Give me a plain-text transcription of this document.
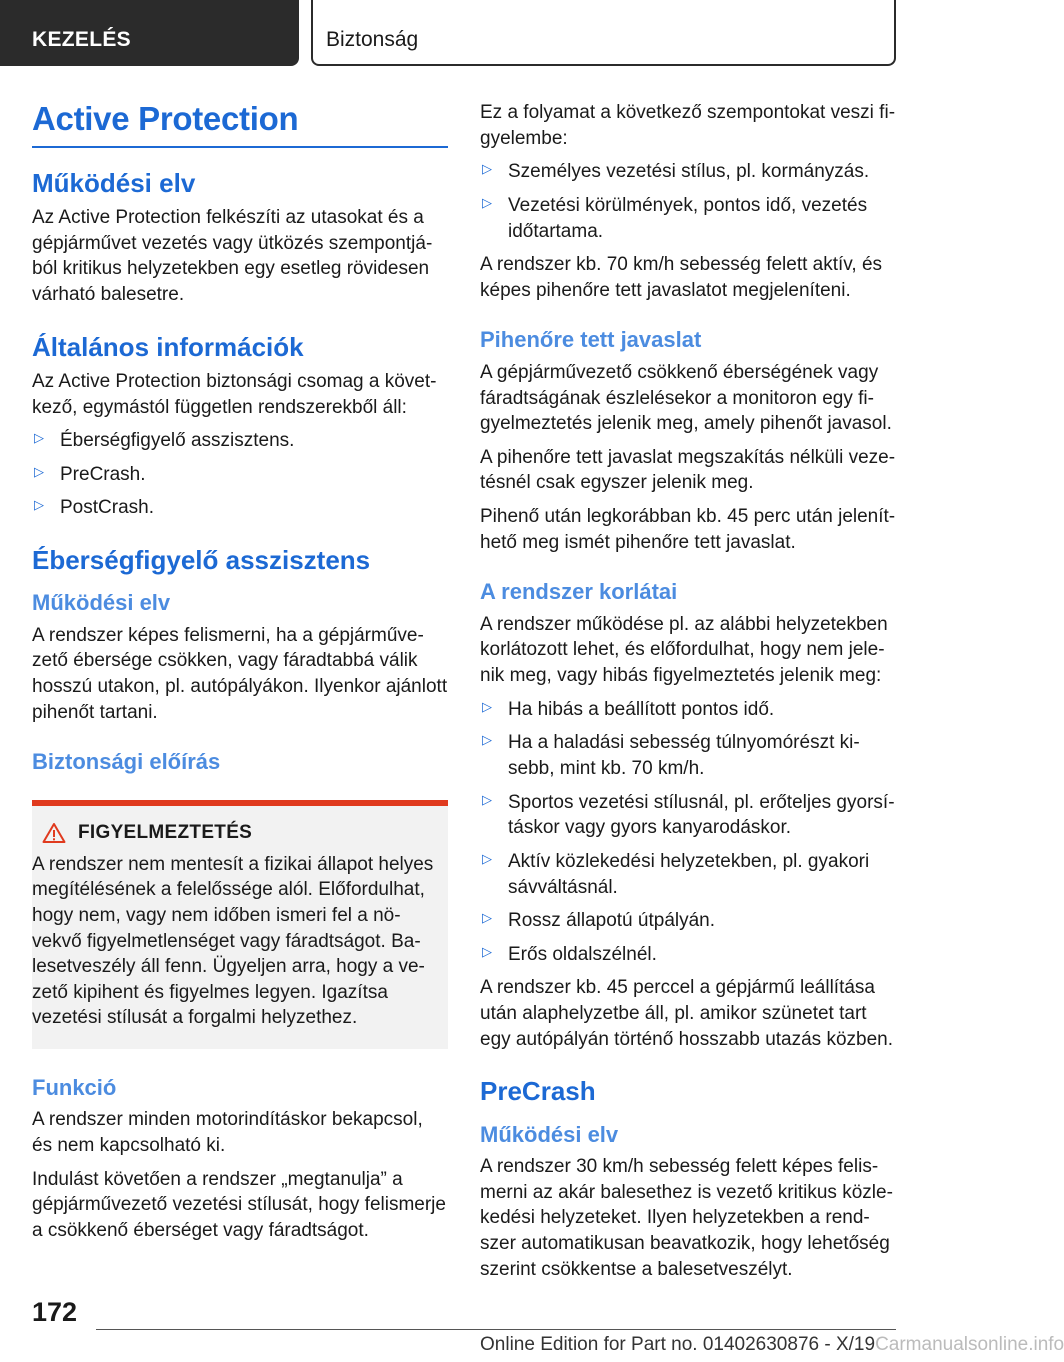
KEZELÉS	Biztonság
Active Protection
Működési elv
Az Active Protection felkészíti az utasokat és a gépjárművet vezetés vagy ütközés szempontjából kritikus helyzetekben egy esetleg rövidesen várható balesetre.
Általános információk
Az Active Protection biztonsági csomag a következő, egymástól független rendszerekből áll:
▷ Éberségfigyelő asszisztens.
▷ PreCrash.
▷ PostCrash.
Éberségfigyelő asszisztens
Működési elv
A rendszer képes felismerni, ha a gépjárművezető ébersége csökken, vagy fáradtabbá válik hosszú utakon, pl. autópályákon. Ilyenkor ajánlott pihenőt tartani.
Biztonsági előírás
FIGYELMEZTETÉS
A rendszer nem mentesít a fizikai állapot helyes megítélésének a felelőssége alól. Előfordulhat, hogy nem, vagy nem időben ismeri fel a növekvő figyelmetlenséget vagy fáradtságot. Balesetveszély áll fenn. Ügyeljen arra, hogy a vezető kipihent és figyelmes legyen. Igazítsa vezetési stílusát a forgalmi helyzethez.
Funkció
A rendszer minden motorindításkor bekapcsol, és nem kapcsolható ki.
Indulást követően a rendszer „megtanulja” a gépjárművezető vezetési stílusát, hogy felismerje a csökkenő éberséget vagy fáradtságot.
Ez a folyamat a következő szempontokat veszi figyelembe:
▷ Személyes vezetési stílus, pl. kormányzás.
▷ Vezetési körülmények, pontos idő, vezetés időtartama.
A rendszer kb. 70 km/h sebesség felett aktív, és képes pihenőre tett javaslatot megjeleníteni.
Pihenőre tett javaslat
A gépjárművezető csökkenő éberségének vagy fáradtságának észlelésekor a monitoron egy figyelmeztetés jelenik meg, amely pihenőt javasol.
A pihenőre tett javaslat megszakítás nélküli vezetésnél csak egyszer jelenik meg.
Pihenő után legkorábban kb. 45 perc után jeleníthető meg ismét pihenőre tett javaslat.
A rendszer korlátai
A rendszer működése pl. az alábbi helyzetekben korlátozott lehet, és előfordulhat, hogy nem jelenik meg, vagy hibás figyelmeztetés jelenik meg:
▷ Ha hibás a beállított pontos idő.
▷ Ha a haladási sebesség túlnyomórészt kisebb, mint kb. 70 km/h.
▷ Sportos vezetési stílusnál, pl. erőteljes gyorsításkor vagy gyors kanyarodáskor.
▷ Aktív közlekedési helyzetekben, pl. gyakori sávváltásnál.
▷ Rossz állapotú útpályán.
▷ Erős oldalszélnél.
A rendszer kb. 45 perccel a gépjármű leállítása után alaphelyzetbe áll, pl. amikor szünetet tart egy autópályán történő hosszabb utazás közben.
PreCrash
Működési elv
A rendszer 30 km/h sebesség felett képes felismerni az akár balesethez is vezető kritikus közlekedési helyzeteket. Ilyen helyzetekben a rendszer automatikusan beavatkozik, hogy lehetőség szerint csökkentse a balesetveszélyt.
172
Online Edition for Part no. 01402630876 - X/19Carmanualsonline.info
